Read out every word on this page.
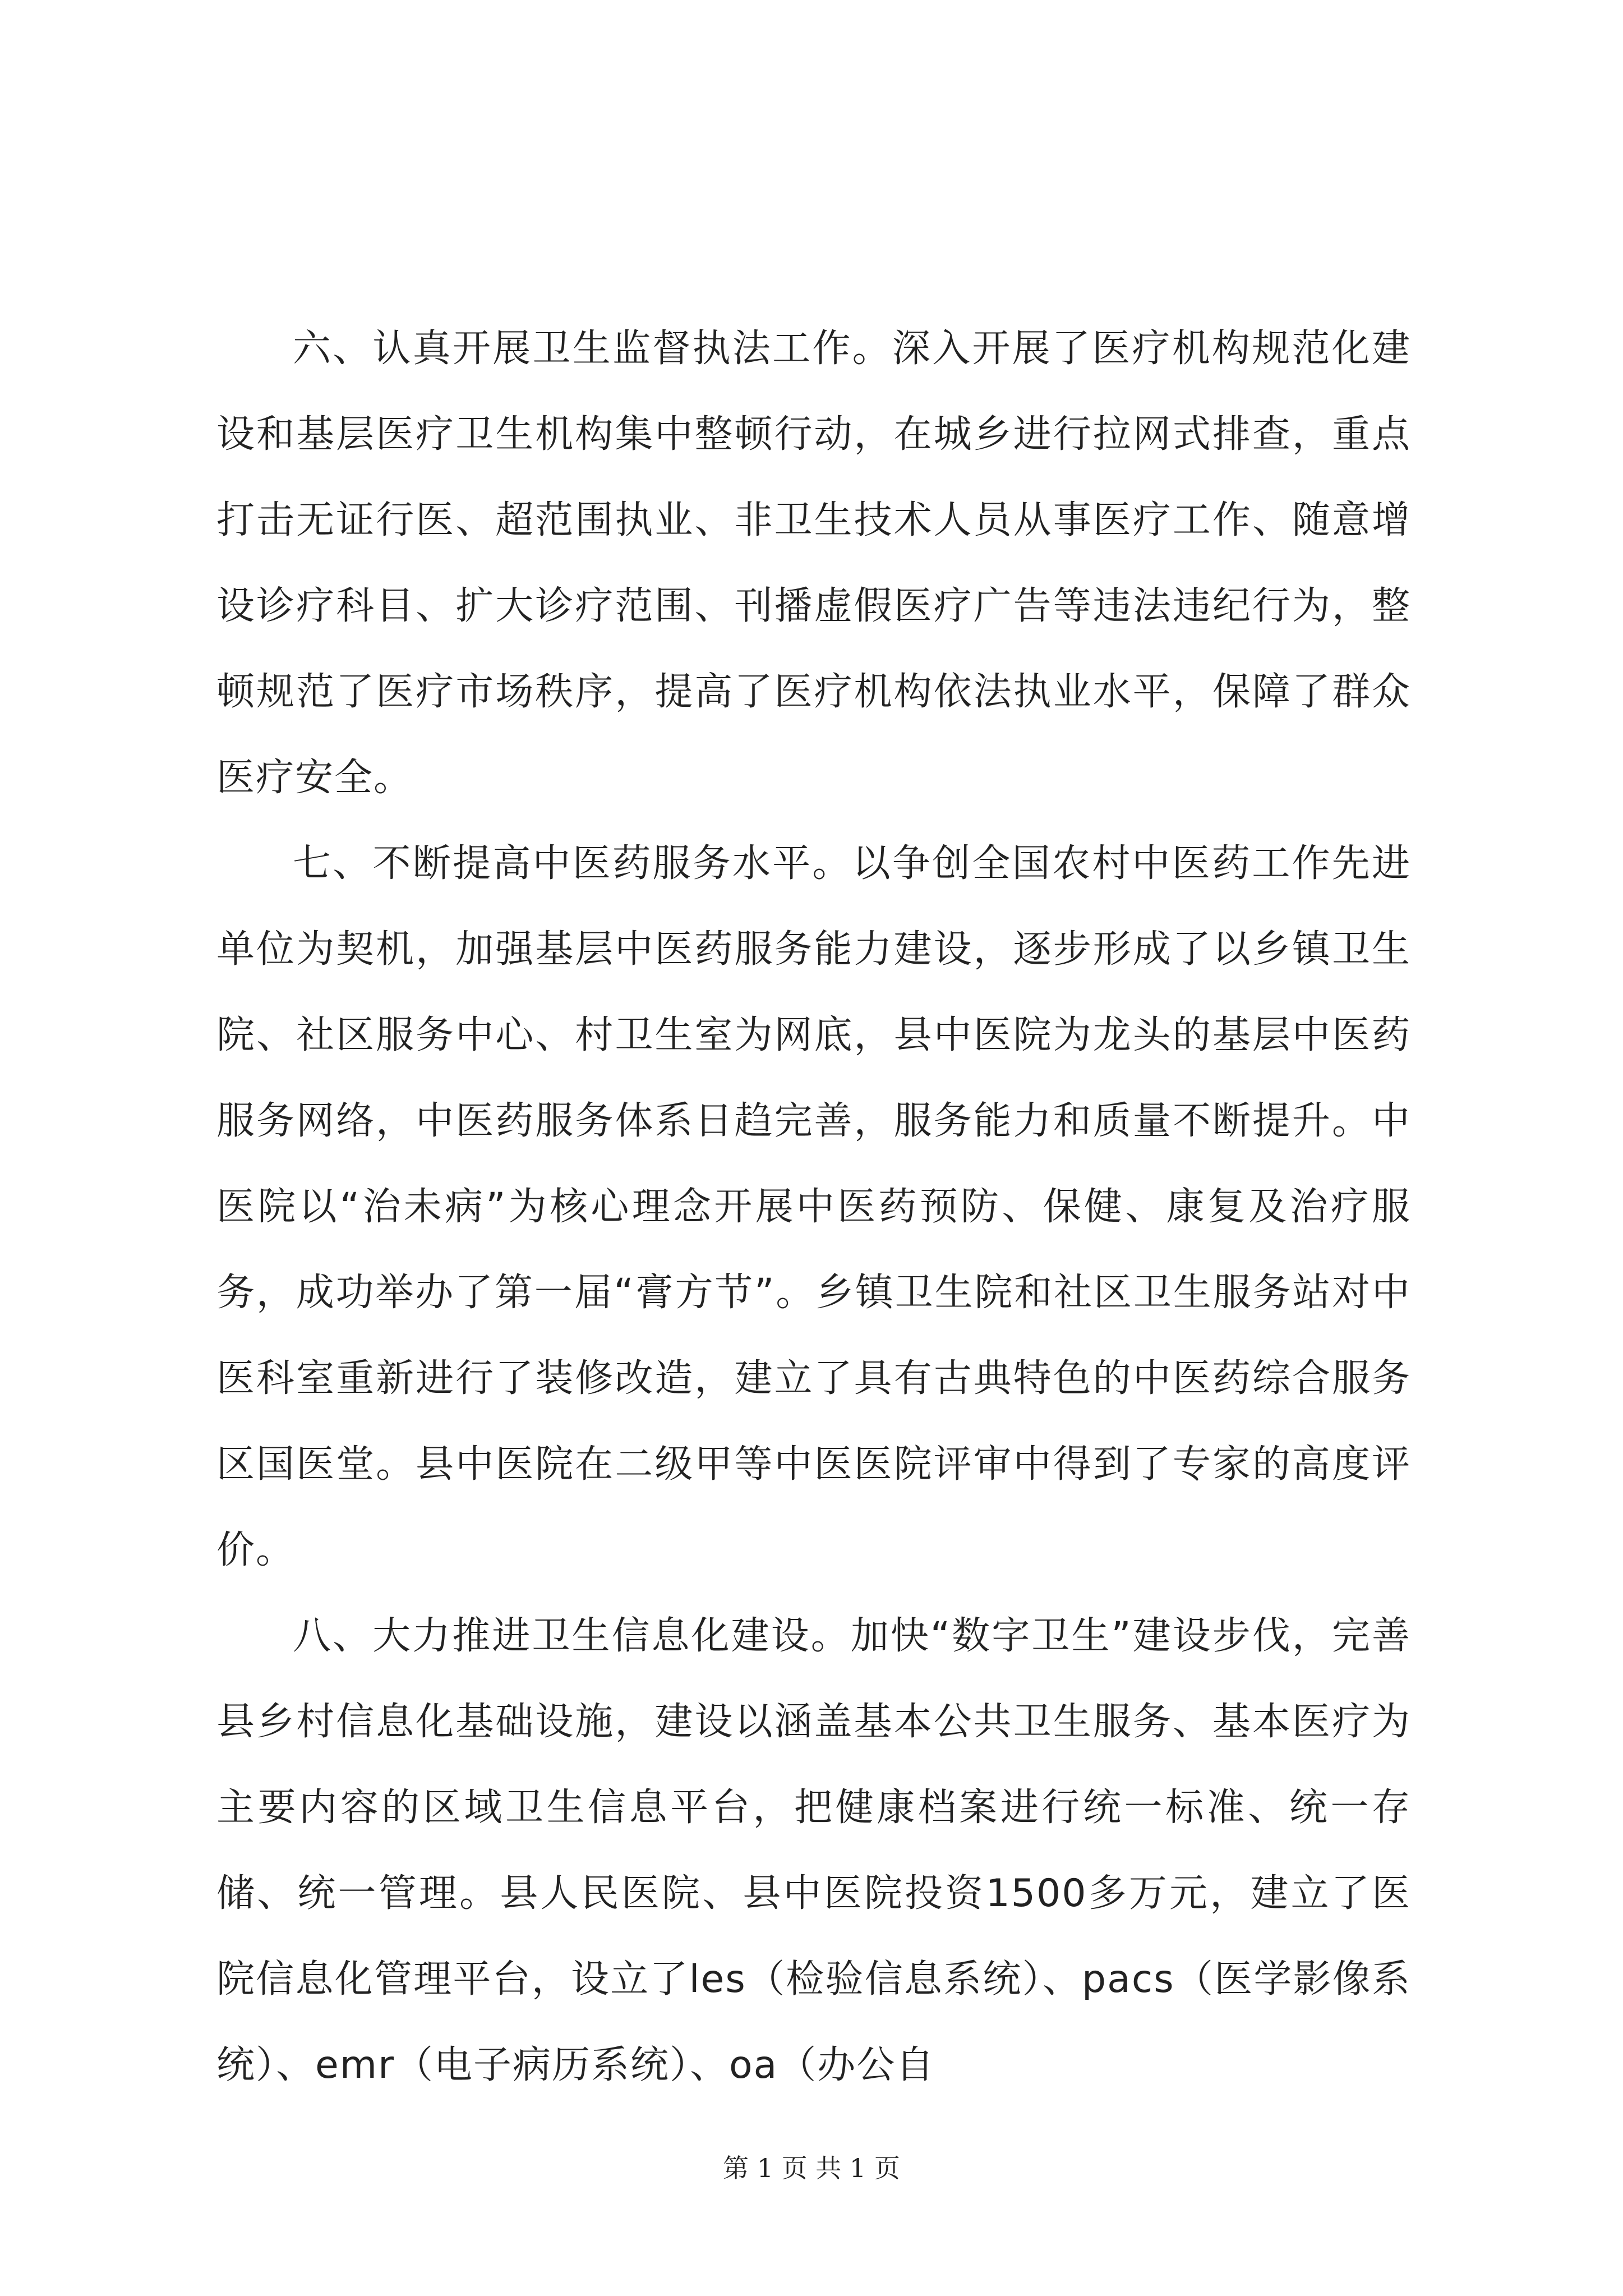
六、认真开展卫生监督执法工作。深入开展了医疗机构规范化建设和基层医疗卫生机构集中整顿行动，在城乡进行拉网式排查，重点打击无证行医、超范围执业、非卫生技术人员从事医疗工作、随意增设诊疗科目、扩大诊疗范围、刊播虚假医疗广告等违法违纪行为，整顿规范了医疗市场秩序，提高了医疗机构依法执业水平，保障了群众医疗安全。

七、不断提高中医药服务水平。以争创全国农村中医药工作先进单位为契机，加强基层中医药服务能力建设，逐步形成了以乡镇卫生院、社区服务中心、村卫生室为网底，县中医院为龙头的基层中医药服务网络，中医药服务体系日趋完善，服务能力和质量不断提升。中医院以“治未病”为核心理念开展中医药预防、保健、康复及治疗服务，成功举办了第一届“膏方节”。乡镇卫生院和社区卫生服务站对中医科室重新进行了装修改造，建立了具有古典特色的中医药综合服务区国医堂。县中医院在二级甲等中医医院评审中得到了专家的高度评价。

八、大力推进卫生信息化建设。加快“数字卫生”建设步伐，完善县乡村信息化基础设施，建设以涵盖基本公共卫生服务、基本医疗为主要内容的区域卫生信息平台，把健康档案进行统一标准、统一存储、统一管理。县人民医院、县中医院投资1500多万元，建立了医院信息化管理平台，设立了les（检验信息系统）、pacs（医学影像系统）、emr（电子病历系统）、oa（办公自

第 1 页 共 1 页
